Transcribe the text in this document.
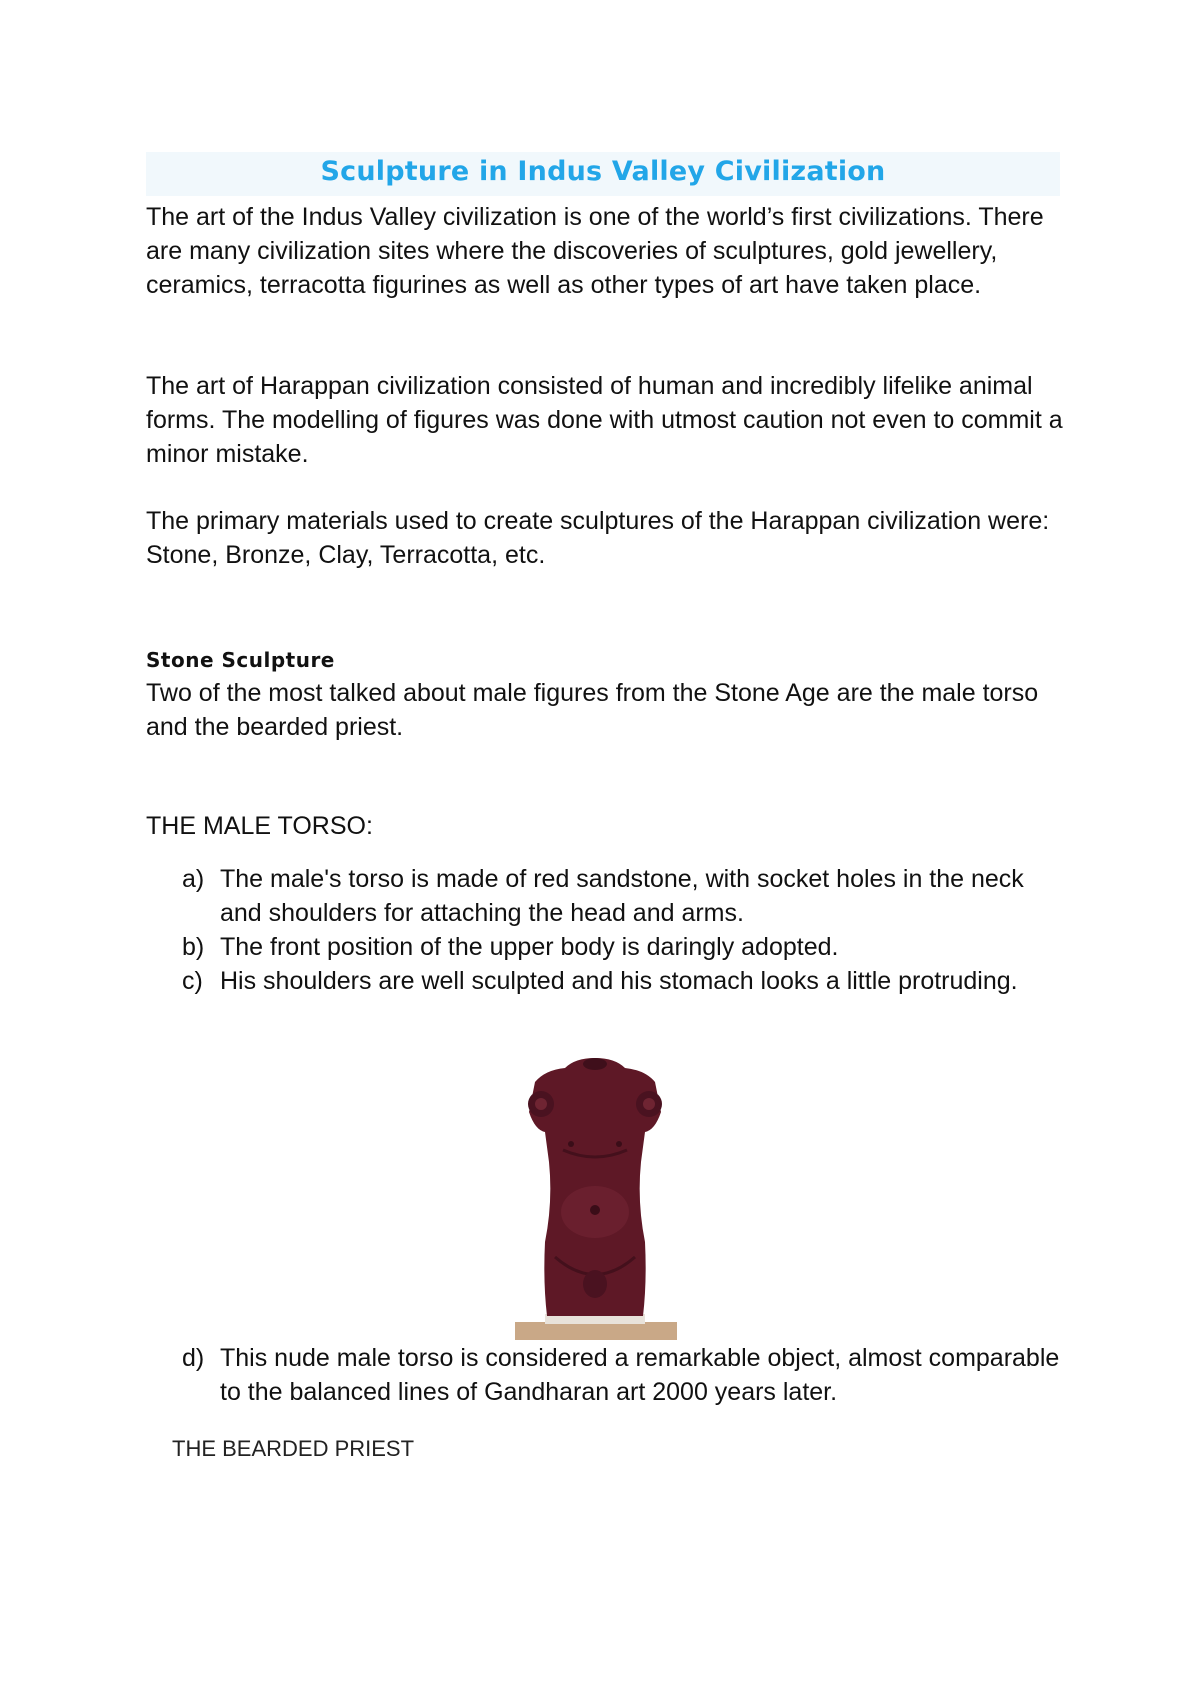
Sculpture in Indus Valley Civilization

The art of the Indus Valley civilization is one of the world’s first civilizations. There are many civilization sites where the discoveries of sculptures, gold jewellery, ceramics, terracotta figurines as well as other types of art have taken place.

The art of Harappan civilization consisted of human and incredibly lifelike animal forms. The modelling of figures was done with utmost caution not even to commit a minor mistake.

The primary materials used to create sculptures of the Harappan civilization were: Stone, Bronze, Clay, Terracotta, etc.

Stone Sculpture

Two of the most talked about male figures from the Stone Age are the male torso and the bearded priest.

THE MALE TORSO:
a) The male's torso is made of red sandstone, with socket holes in the neck and shoulders for attaching the head and arms.
b) The front position of the upper body is daringly adopted.
c) His shoulders are well sculpted and his stomach looks a little protruding.
d) This nude male torso is considered a remarkable object, almost comparable to the balanced lines of Gandharan art 2000 years later.
THE BEARDED PRIEST
